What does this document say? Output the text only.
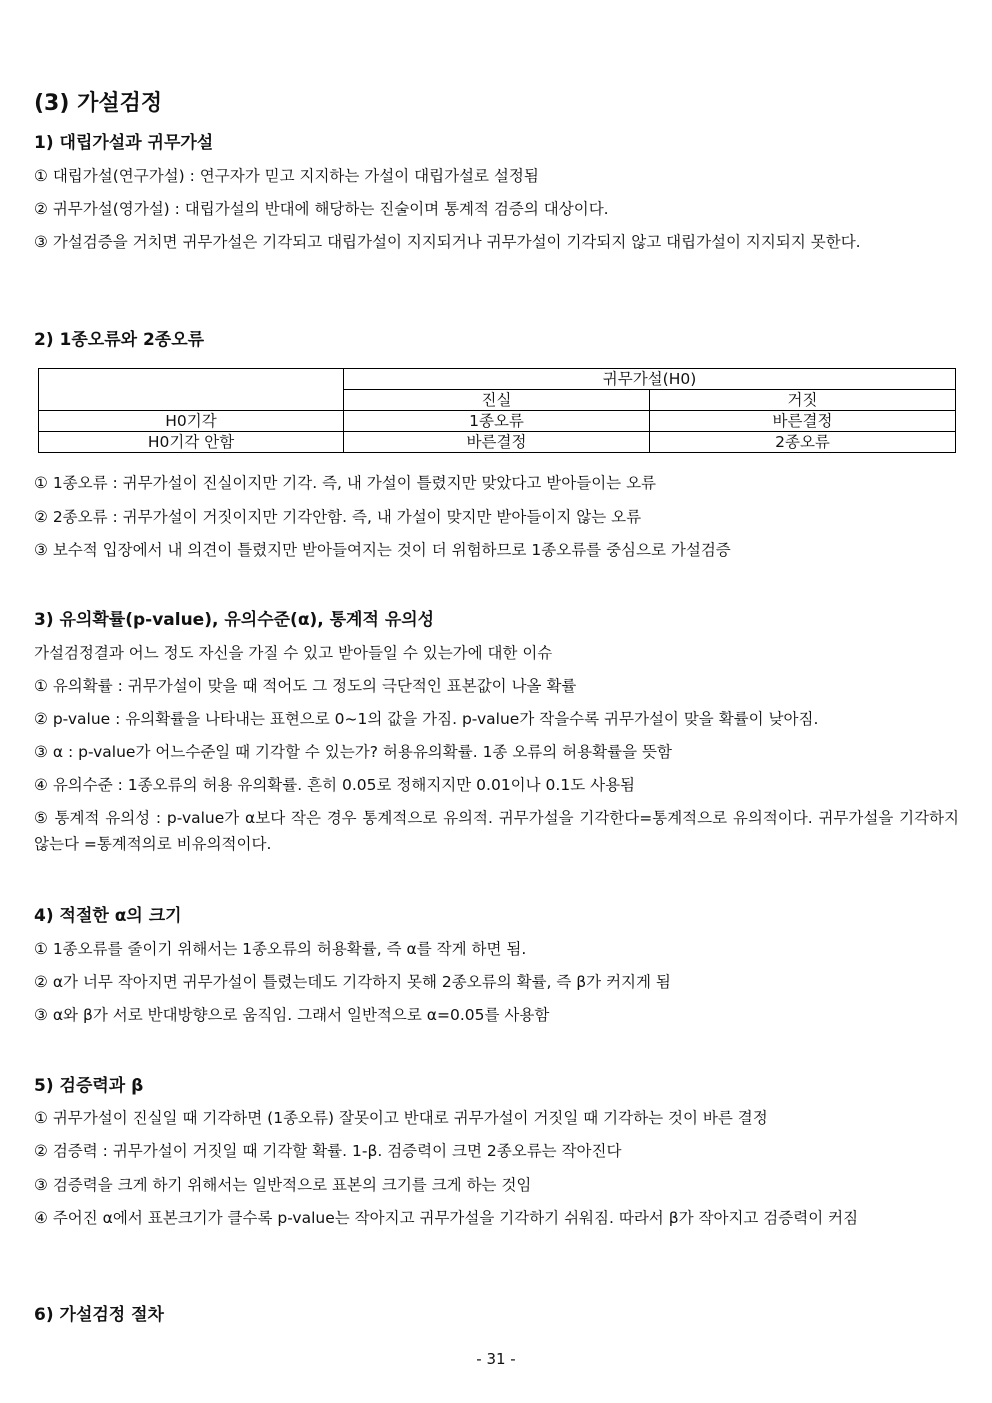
(3) 가설검정
1) 대립가설과 귀무가설
① 대립가설(연구가설) : 연구자가 믿고 지지하는 가설이 대립가설로 설정됨
② 귀무가설(영가설) : 대립가설의 반대에 해당하는 진술이며 통계적 검증의 대상이다.
③ 가설검증을 거치면 귀무가설은 기각되고 대립가설이 지지되거나 귀무가설이 기각되지 않고 대립가설이 지지되지 못한다.
2) 1종오류와 2종오류
	귀무가설(H0)	
	진실	거짓
H0기각	1종오류	바른결정
H0기각 안함	바른결정	2종오류
① 1종오류 : 귀무가설이 진실이지만 기각. 즉, 내 가설이 틀렸지만 맞았다고 받아들이는 오류
② 2종오류 : 귀무가설이 거짓이지만 기각안함. 즉, 내 가설이 맞지만 받아들이지 않는 오류
③ 보수적 입장에서 내 의견이 틀렸지만 받아들여지는 것이 더 위험하므로 1종오류를 중심으로 가설검증
3) 유의확률(p-value), 유의수준(α), 통계적 유의성
가설검정결과 어느 정도 자신을 가질 수 있고 받아들일 수 있는가에 대한 이슈
① 유의확률 : 귀무가설이 맞을 때 적어도 그 정도의 극단적인 표본값이 나올 확률
② p-value : 유의확률을 나타내는 표현으로 0~1의 값을 가짐. p-value가 작을수록 귀무가설이 맞을 확률이 낮아짐.
③ α : p-value가 어느수준일 때 기각할 수 있는가? 허용유의확률. 1종 오류의 허용확률을 뜻함
④ 유의수준 : 1종오류의 허용 유의확률. 흔히 0.05로 정해지지만 0.01이나 0.1도 사용됨
⑤ 통계적 유의성 : p-value가 α보다 작은 경우 통계적으로 유의적. 귀무가설을 기각한다=통계적으로 유의적이다. 귀무가설을 기각하지 않는다 =통계적의로 비유의적이다.
4) 적절한 α의 크기
① 1종오류를 줄이기 위해서는 1종오류의 허용확률, 즉 α를 작게 하면 됨.
② α가 너무 작아지면 귀무가설이 틀렸는데도 기각하지 못해 2종오류의 확률, 즉 β가 커지게 됨
③ α와 β가 서로 반대방향으로 움직임. 그래서 일반적으로 α=0.05를 사용함
5) 검증력과 β
① 귀무가설이 진실일 때 기각하면 (1종오류) 잘못이고 반대로 귀무가설이 거짓일 때 기각하는 것이 바른 결정
② 검증력 : 귀무가설이 거짓일 때 기각할 확률. 1-β. 검증력이 크면 2종오류는 작아진다
③ 검증력을 크게 하기 위해서는 일반적으로 표본의 크기를 크게 하는 것임
④ 주어진 α에서 표본크기가 클수록 p-value는 작아지고 귀무가설을 기각하기 쉬워짐. 따라서 β가 작아지고 검증력이 커짐
6) 가설검정 절차
- 31 -
